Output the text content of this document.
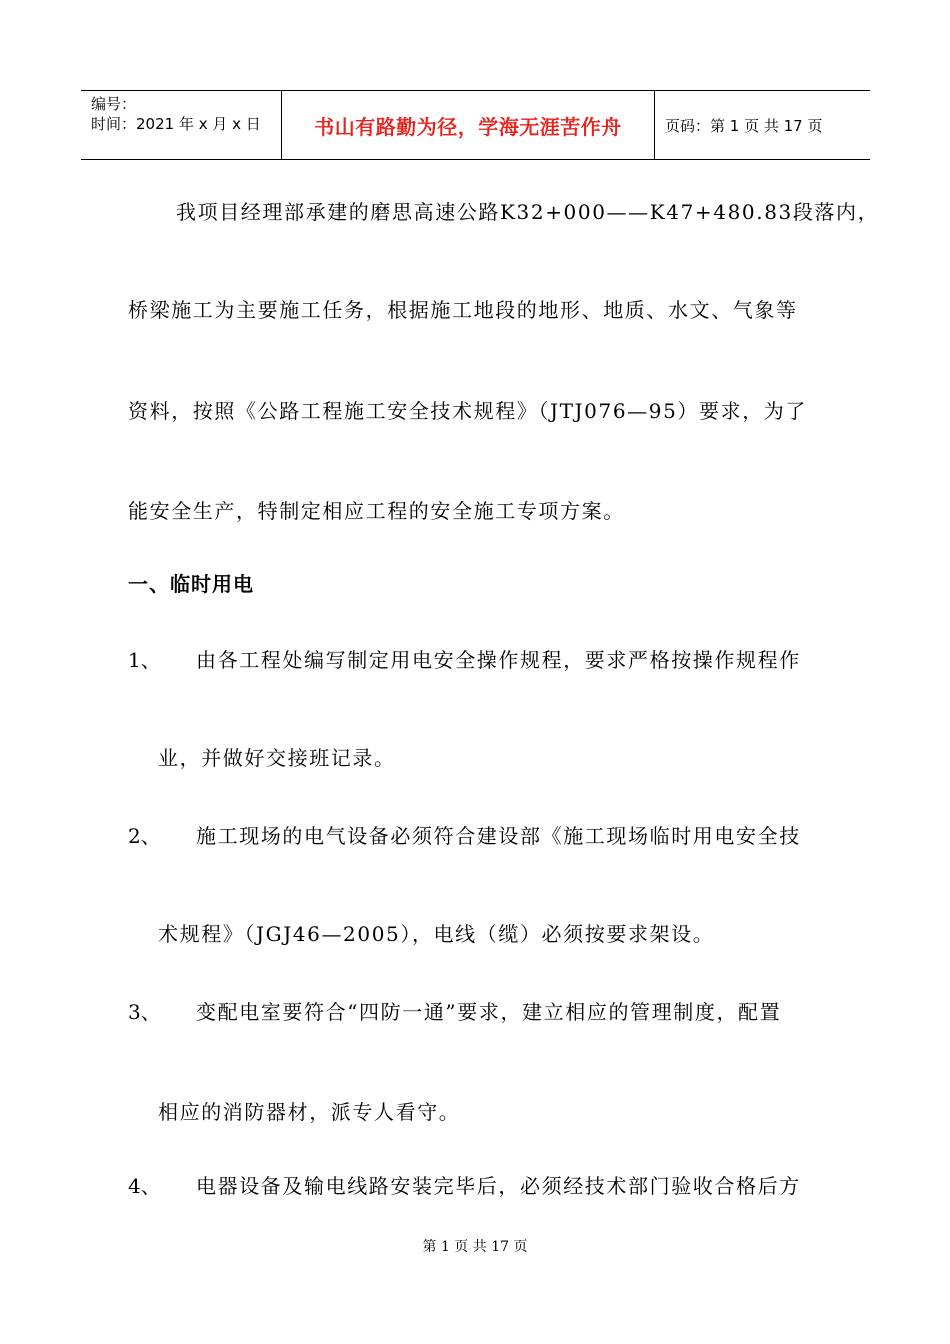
编号：
时间：2021 年 x 月 x 日	书山有路勤为径，学海无涯苦作舟	页码：第 1 页 共 17 页
我项目经理部承建的磨思高速公路K32+000——K47+480.83段落内，
桥梁施工为主要施工任务，根据施工地段的地形、地质、水文、气象等
资料，按照《公路工程施工安全技术规程》（JTJ076—95）要求，为了
能安全生产，特制定相应工程的安全施工专项方案。
一、临时用电
1、 由各工程处编写制定用电安全操作规程，要求严格按操作规程作
业，并做好交接班记录。
2、 施工现场的电气设备必须符合建设部《施工现场临时用电安全技
术规程》（JGJ46—2005），电线（缆）必须按要求架设。
3、 变配电室要符合“四防一通”要求，建立相应的管理制度，配置
相应的消防器材，派专人看守。
4、 电器设备及输电线路安装完毕后，必须经技术部门验收合格后方
第 1 页 共 17 页
